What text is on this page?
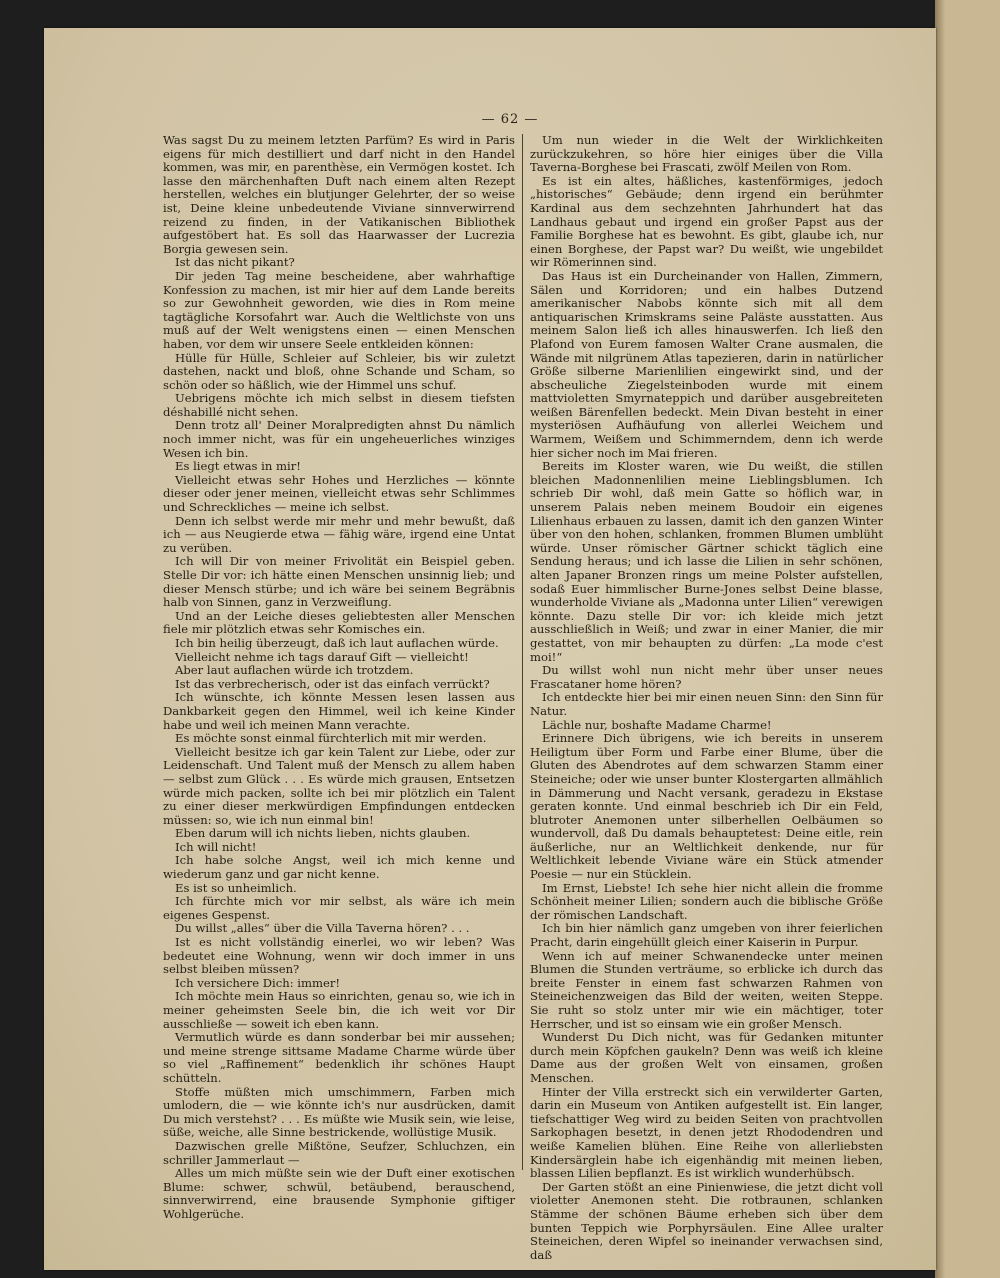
— 62 —

Was sagst Du zu meinem letzten Parfüm? Es wird in Paris eigens für mich destilliert und darf nicht in den Handel kommen, was mir, en parenthèse, ein Vermögen kostet. Ich lasse den märchenhaften Duft nach einem alten Rezept herstellen, welches ein blutjunger Gelehrter, der so weise ist, Deine kleine unbedeutende Viviane sinnverwirrend reizend zu finden, in der Vatikanischen Bibliothek aufgestöbert hat. Es soll das Haarwasser der Lucrezia Borgia gewesen sein.

Ist das nicht pikant?

Dir jeden Tag meine bescheidene, aber wahrhaftige Konfession zu machen, ist mir hier auf dem Lande bereits so zur Gewohnheit geworden, wie dies in Rom meine tagtägliche Korsofahrt war. Auch die Weltlichste von uns muß auf der Welt wenigstens einen — einen Menschen haben, vor dem wir unsere Seele entkleiden können:

Hülle für Hülle, Schleier auf Schleier, bis wir zuletzt dastehen, nackt und bloß, ohne Schande und Scham, so schön oder so häßlich, wie der Himmel uns schuf.

Uebrigens möchte ich mich selbst in diesem tiefsten déshabillé nicht sehen.

Denn trotz all' Deiner Moralpredigten ahnst Du nämlich noch immer nicht, was für ein ungeheuerliches winziges Wesen ich bin.

Es liegt etwas in mir!

Vielleicht etwas sehr Hohes und Herzliches — könnte dieser oder jener meinen, vielleicht etwas sehr Schlimmes und Schreckliches — meine ich selbst.

Denn ich selbst werde mir mehr und mehr bewußt, daß ich — aus Neugierde etwa — fähig wäre, irgend eine Untat zu verüben.

Ich will Dir von meiner Frivolität ein Beispiel geben. Stelle Dir vor: ich hätte einen Menschen unsinnig lieb; und dieser Mensch stürbe; und ich wäre bei seinem Begräbnis halb von Sinnen, ganz in Verzweiflung.

Und an der Leiche dieses geliebtesten aller Menschen fiele mir plötzlich etwas sehr Komisches ein.

Ich bin heilig überzeugt, daß ich laut auflachen würde.

Vielleicht nehme ich tags darauf Gift — vielleicht!

Aber laut auflachen würde ich trotzdem.

Ist das verbrecherisch, oder ist das einfach verrückt?

Ich wünschte, ich könnte Messen lesen lassen aus Dankbarkeit gegen den Himmel, weil ich keine Kinder habe und weil ich meinen Mann verachte.

Es möchte sonst einmal fürchterlich mit mir werden.

Vielleicht besitze ich gar kein Talent zur Liebe, oder zur Leidenschaft. Und Talent muß der Mensch zu allem haben — selbst zum Glück . . . Es würde mich grausen, Entsetzen würde mich packen, sollte ich bei mir plötzlich ein Talent zu einer dieser merkwürdigen Empfindungen entdecken müssen: so, wie ich nun einmal bin!

Eben darum will ich nichts lieben, nichts glauben.

Ich will nicht!

Ich habe solche Angst, weil ich mich kenne und wiederum ganz und gar nicht kenne.

Es ist so unheimlich.

Ich fürchte mich vor mir selbst, als wäre ich mein eigenes Gespenst.

Du willst „alles“ über die Villa Taverna hören? . . .

Ist es nicht vollständig einerlei, wo wir leben? Was bedeutet eine Wohnung, wenn wir doch immer in uns selbst bleiben müssen?

Ich versichere Dich: immer!

Ich möchte mein Haus so einrichten, genau so, wie ich in meiner geheimsten Seele bin, die ich weit vor Dir ausschließe — soweit ich eben kann.

Vermutlich würde es dann sonderbar bei mir aussehen; und meine strenge sittsame Madame Charme würde über so viel „Raffinement“ bedenklich ihr schönes Haupt schütteln.

Stoffe müßten mich umschimmern, Farben mich umlodern, die — wie könnte ich's nur ausdrücken, damit Du mich verstehst? . . . Es müßte wie Musik sein, wie leise, süße, weiche, alle Sinne bestrickende, wollüstige Musik.

Dazwischen grelle Mißtöne, Seufzer, Schluchzen, ein schriller Jammerlaut —

Alles um mich müßte sein wie der Duft einer exotischen Blume: schwer, schwül, betäubend, berauschend, sinnverwirrend, eine brausende Symphonie giftiger Wohlgerüche.

Um nun wieder in die Welt der Wirklichkeiten zurückzukehren, so höre hier einiges über die Villa Taverna-Borghese bei Frascati, zwölf Meilen von Rom.

Es ist ein altes, häßliches, kastenförmiges, jedoch „historisches“ Gebäude; denn irgend ein berühmter Kardinal aus dem sechzehnten Jahrhundert hat das Landhaus gebaut und irgend ein großer Papst aus der Familie Borghese hat es bewohnt. Es gibt, glaube ich, nur einen Borghese, der Papst war? Du weißt, wie ungebildet wir Römerinnen sind.

Das Haus ist ein Durcheinander von Hallen, Zimmern, Sälen und Korridoren; und ein halbes Dutzend amerikanischer Nabobs könnte sich mit all dem antiquarischen Krimskrams seine Paläste ausstatten. Aus meinem Salon ließ ich alles hinauswerfen. Ich ließ den Plafond von Eurem famosen Walter Crane ausmalen, die Wände mit nilgrünem Atlas tapezieren, darin in natürlicher Größe silberne Marienlilien eingewirkt sind, und der abscheuliche Ziegelsteinboden wurde mit einem mattvioletten Smyrnateppich und darüber ausgebreiteten weißen Bärenfellen bedeckt. Mein Divan besteht in einer mysteriösen Aufhäufung von allerlei Weichem und Warmem, Weißem und Schimmerndem, denn ich werde hier sicher noch im Mai frieren.

Bereits im Kloster waren, wie Du weißt, die stillen bleichen Madonnenlilien meine Lieblingsblumen. Ich schrieb Dir wohl, daß mein Gatte so höflich war, in unserem Palais neben meinem Boudoir ein eigenes Lilienhaus erbauen zu lassen, damit ich den ganzen Winter über von den hohen, schlanken, frommen Blumen umblüht würde. Unser römischer Gärtner schickt täglich eine Sendung heraus; und ich lasse die Lilien in sehr schönen, alten Japaner Bronzen rings um meine Polster aufstellen, sodaß Euer himmlischer Burne-Jones selbst Deine blasse, wunderholde Viviane als „Madonna unter Lilien“ verewigen könnte. Dazu stelle Dir vor: ich kleide mich jetzt ausschließlich in Weiß; und zwar in einer Manier, die mir gestattet, von mir behaupten zu dürfen: „La mode c'est moi!“

Du willst wohl nun nicht mehr über unser neues Frascataner home hören?

Ich entdeckte hier bei mir einen neuen Sinn: den Sinn für Natur.

Lächle nur, boshafte Madame Charme!

Erinnere Dich übrigens, wie ich bereits in unserem Heiligtum über Form und Farbe einer Blume, über die Gluten des Abendrotes auf dem schwarzen Stamm einer Steineiche; oder wie unser bunter Klostergarten allmählich in Dämmerung und Nacht versank, geradezu in Ekstase geraten konnte. Und einmal beschrieb ich Dir ein Feld, blutroter Anemonen unter silberhellen Oelbäumen so wundervoll, daß Du damals behauptetest: Deine eitle, rein äußerliche, nur an Weltlichkeit denkende, nur für Weltlichkeit lebende Viviane wäre ein Stück atmender Poesie — nur ein Stücklein.

Im Ernst, Liebste! Ich sehe hier nicht allein die fromme Schönheit meiner Lilien; sondern auch die biblische Größe der römischen Landschaft.

Ich bin hier nämlich ganz umgeben von ihrer feierlichen Pracht, darin eingehüllt gleich einer Kaiserin in Purpur.

Wenn ich auf meiner Schwanendecke unter meinen Blumen die Stunden verträume, so erblicke ich durch das breite Fenster in einem fast schwarzen Rahmen von Steineichenzweigen das Bild der weiten, weiten Steppe. Sie ruht so stolz unter mir wie ein mächtiger, toter Herrscher, und ist so einsam wie ein großer Mensch.

Wunderst Du Dich nicht, was für Gedanken mitunter durch mein Köpfchen gaukeln? Denn was weiß ich kleine Dame aus der großen Welt von einsamen, großen Menschen.

Hinter der Villa erstreckt sich ein verwilderter Garten, darin ein Museum von Antiken aufgestellt ist. Ein langer, tiefschattiger Weg wird zu beiden Seiten von prachtvollen Sarkophagen besetzt, in denen jetzt Rhododendren und weiße Kamelien blühen. Eine Reihe von allerliebsten Kindersärglein habe ich eigenhändig mit meinen lieben, blassen Lilien bepflanzt. Es ist wirklich wunderhübsch.

Der Garten stößt an eine Pinienwiese, die jetzt dicht voll violetter Anemonen steht. Die rotbraunen, schlanken Stämme der schönen Bäume erheben sich über dem bunten Teppich wie Porphyrsäulen. Eine Allee uralter Steineichen, deren Wipfel so ineinander verwachsen sind, daß
